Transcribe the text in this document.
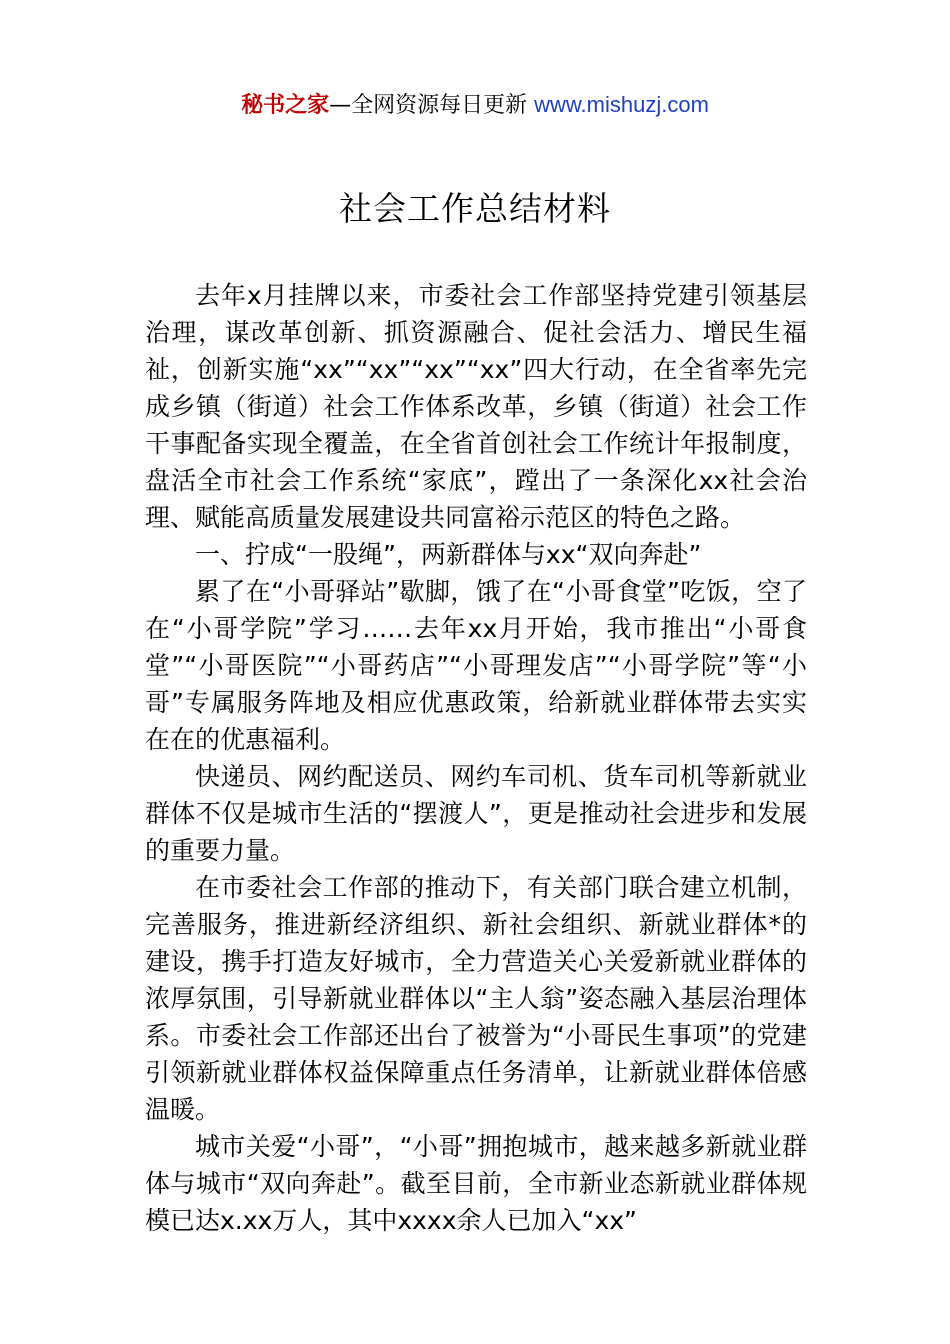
秘书之家—全网资源每日更新 www.mishuzj.com
社会工作总结材料

去年x月挂牌以来，市委社会工作部坚持党建引领基层治理，谋改革创新、抓资源融合、促社会活力、增民生福祉，创新实施“xx”“xx”“xx”“xx”四大行动，在全省率先完成乡镇（街道）社会工作体系改革，乡镇（街道）社会工作干事配备实现全覆盖，在全省首创社会工作统计年报制度，盘活全市社会工作系统“家底”，蹚出了一条深化xx社会治理、赋能高质量发展建设共同富裕示范区的特色之路。

一、拧成“一股绳”，两新群体与xx“双向奔赴”

累了在“小哥驿站”歇脚，饿了在“小哥食堂”吃饭，空了在“小哥学院”学习……去年xx月开始，我市推出“小哥食堂”“小哥医院”“小哥药店”“小哥理发店”“小哥学院”等“小哥”专属服务阵地及相应优惠政策，给新就业群体带去实实在在的优惠福利。

快递员、网约配送员、网约车司机、货车司机等新就业群体不仅是城市生活的“摆渡人”，更是推动社会进步和发展的重要力量。

在市委社会工作部的推动下，有关部门联合建立机制，完善服务，推进新经济组织、新社会组织、新就业群体*的建设，携手打造友好城市，全力营造关心关爱新就业群体的浓厚氛围，引导新就业群体以“主人翁”姿态融入基层治理体系。市委社会工作部还出台了被誉为“小哥民生事项”的党建引领新就业群体权益保障重点任务清单，让新就业群体倍感温暖。

城市关爱“小哥”，“小哥”拥抱城市，越来越多新就业群体与城市“双向奔赴”。截至目前，全市新业态新就业群体规模已达x.xx万人，其中xxxx余人已加入“xx”
